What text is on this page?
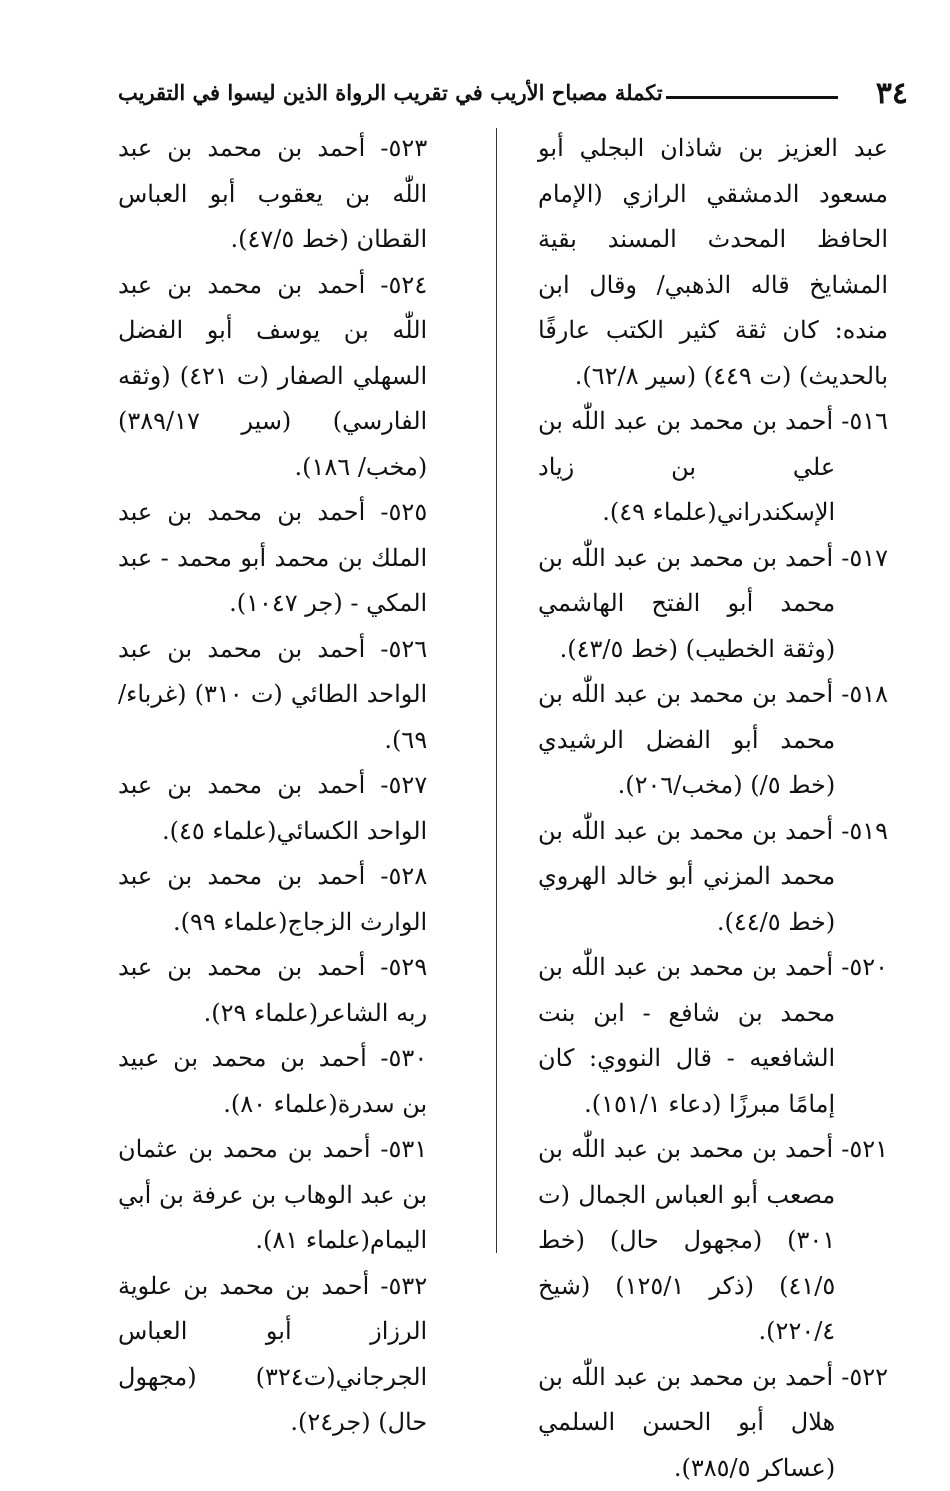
٣٤
تكملة مصباح الأريب في تقريب الرواة الذين ليسوا في التقريب

عبد العزيز بن شاذان البجلي أبو مسعود الدمشقي الرازي (الإمام الحافظ المحدث المسند بقية المشايخ قاله الذهبي/ وقال ابن منده: كان ثقة كثير الكتب عارفًا بالحديث) (ت ٤٤٩) (سير ٦٢/٨).

٥١٦- أحمد بن محمد بن عبد اللّٰه بن علي بن زياد الإسكندراني(علماء ٤٩).

٥١٧- أحمد بن محمد بن عبد اللّٰه بن محمد أبو الفتح الهاشمي (وثقة الخطيب) (خط ٤٣/٥).

٥١٨- أحمد بن محمد بن عبد اللّٰه بن محمد أبو الفضل الرشيدي (خط ٥/) (مخب/٢٠٦).

٥١٩- أحمد بن محمد بن عبد اللّٰه بن محمد المزني أبو خالد الهروي (خط ٤٤/٥).

٥٢٠- أحمد بن محمد بن عبد اللّٰه بن محمد بن شافع - ابن بنت الشافعيه - قال النووي: كان إمامًا مبرزًا (دعاء ١٥١/١).

٥٢١- أحمد بن محمد بن عبد اللّٰه بن مصعب أبو العباس الجمال (ت ٣٠١) (مجهول حال) (خط ٤١/٥) (ذكر ١٢٥/١) (شيخ ٢٢٠/٤).

٥٢٢- أحمد بن محمد بن عبد اللّٰه بن هلال أبو الحسن السلمي (عساكر ٣٨٥/٥).

٥٢٣- أحمد بن محمد بن عبد اللّٰه بن يعقوب أبو العباس القطان (خط ٤٧/٥).

٥٢٤- أحمد بن محمد بن عبد اللّٰه بن يوسف أبو الفضل السهلي الصفار (ت ٤٢١) (وثقه الفارسي) (سير ٣٨٩/١٧) (مخب/ ١٨٦).

٥٢٥- أحمد بن محمد بن عبد الملك بن محمد أبو محمد - عبد المكي - (جر ١٠٤٧).

٥٢٦- أحمد بن محمد بن عبد الواحد الطائي (ت ٣١٠) (غرباء/٦٩).

٥٢٧- أحمد بن محمد بن عبد الواحد الكسائي(علماء ٤٥).

٥٢٨- أحمد بن محمد بن عبد الوارث الزجاج(علماء ٩٩).

٥٢٩- أحمد بن محمد بن عبد ربه الشاعر(علماء ٢٩).

٥٣٠- أحمد بن محمد بن عبيد بن سدرة(علماء ٨٠).

٥٣١- أحمد بن محمد بن عثمان بن عبد الوهاب بن عرفة بن أبي اليمام(علماء ٨١).

٥٣٢- أحمد بن محمد بن علوية الرزاز أبو العباس الجرجاني(ت٣٢٤) (مجهول حال) (جر٢٤).
